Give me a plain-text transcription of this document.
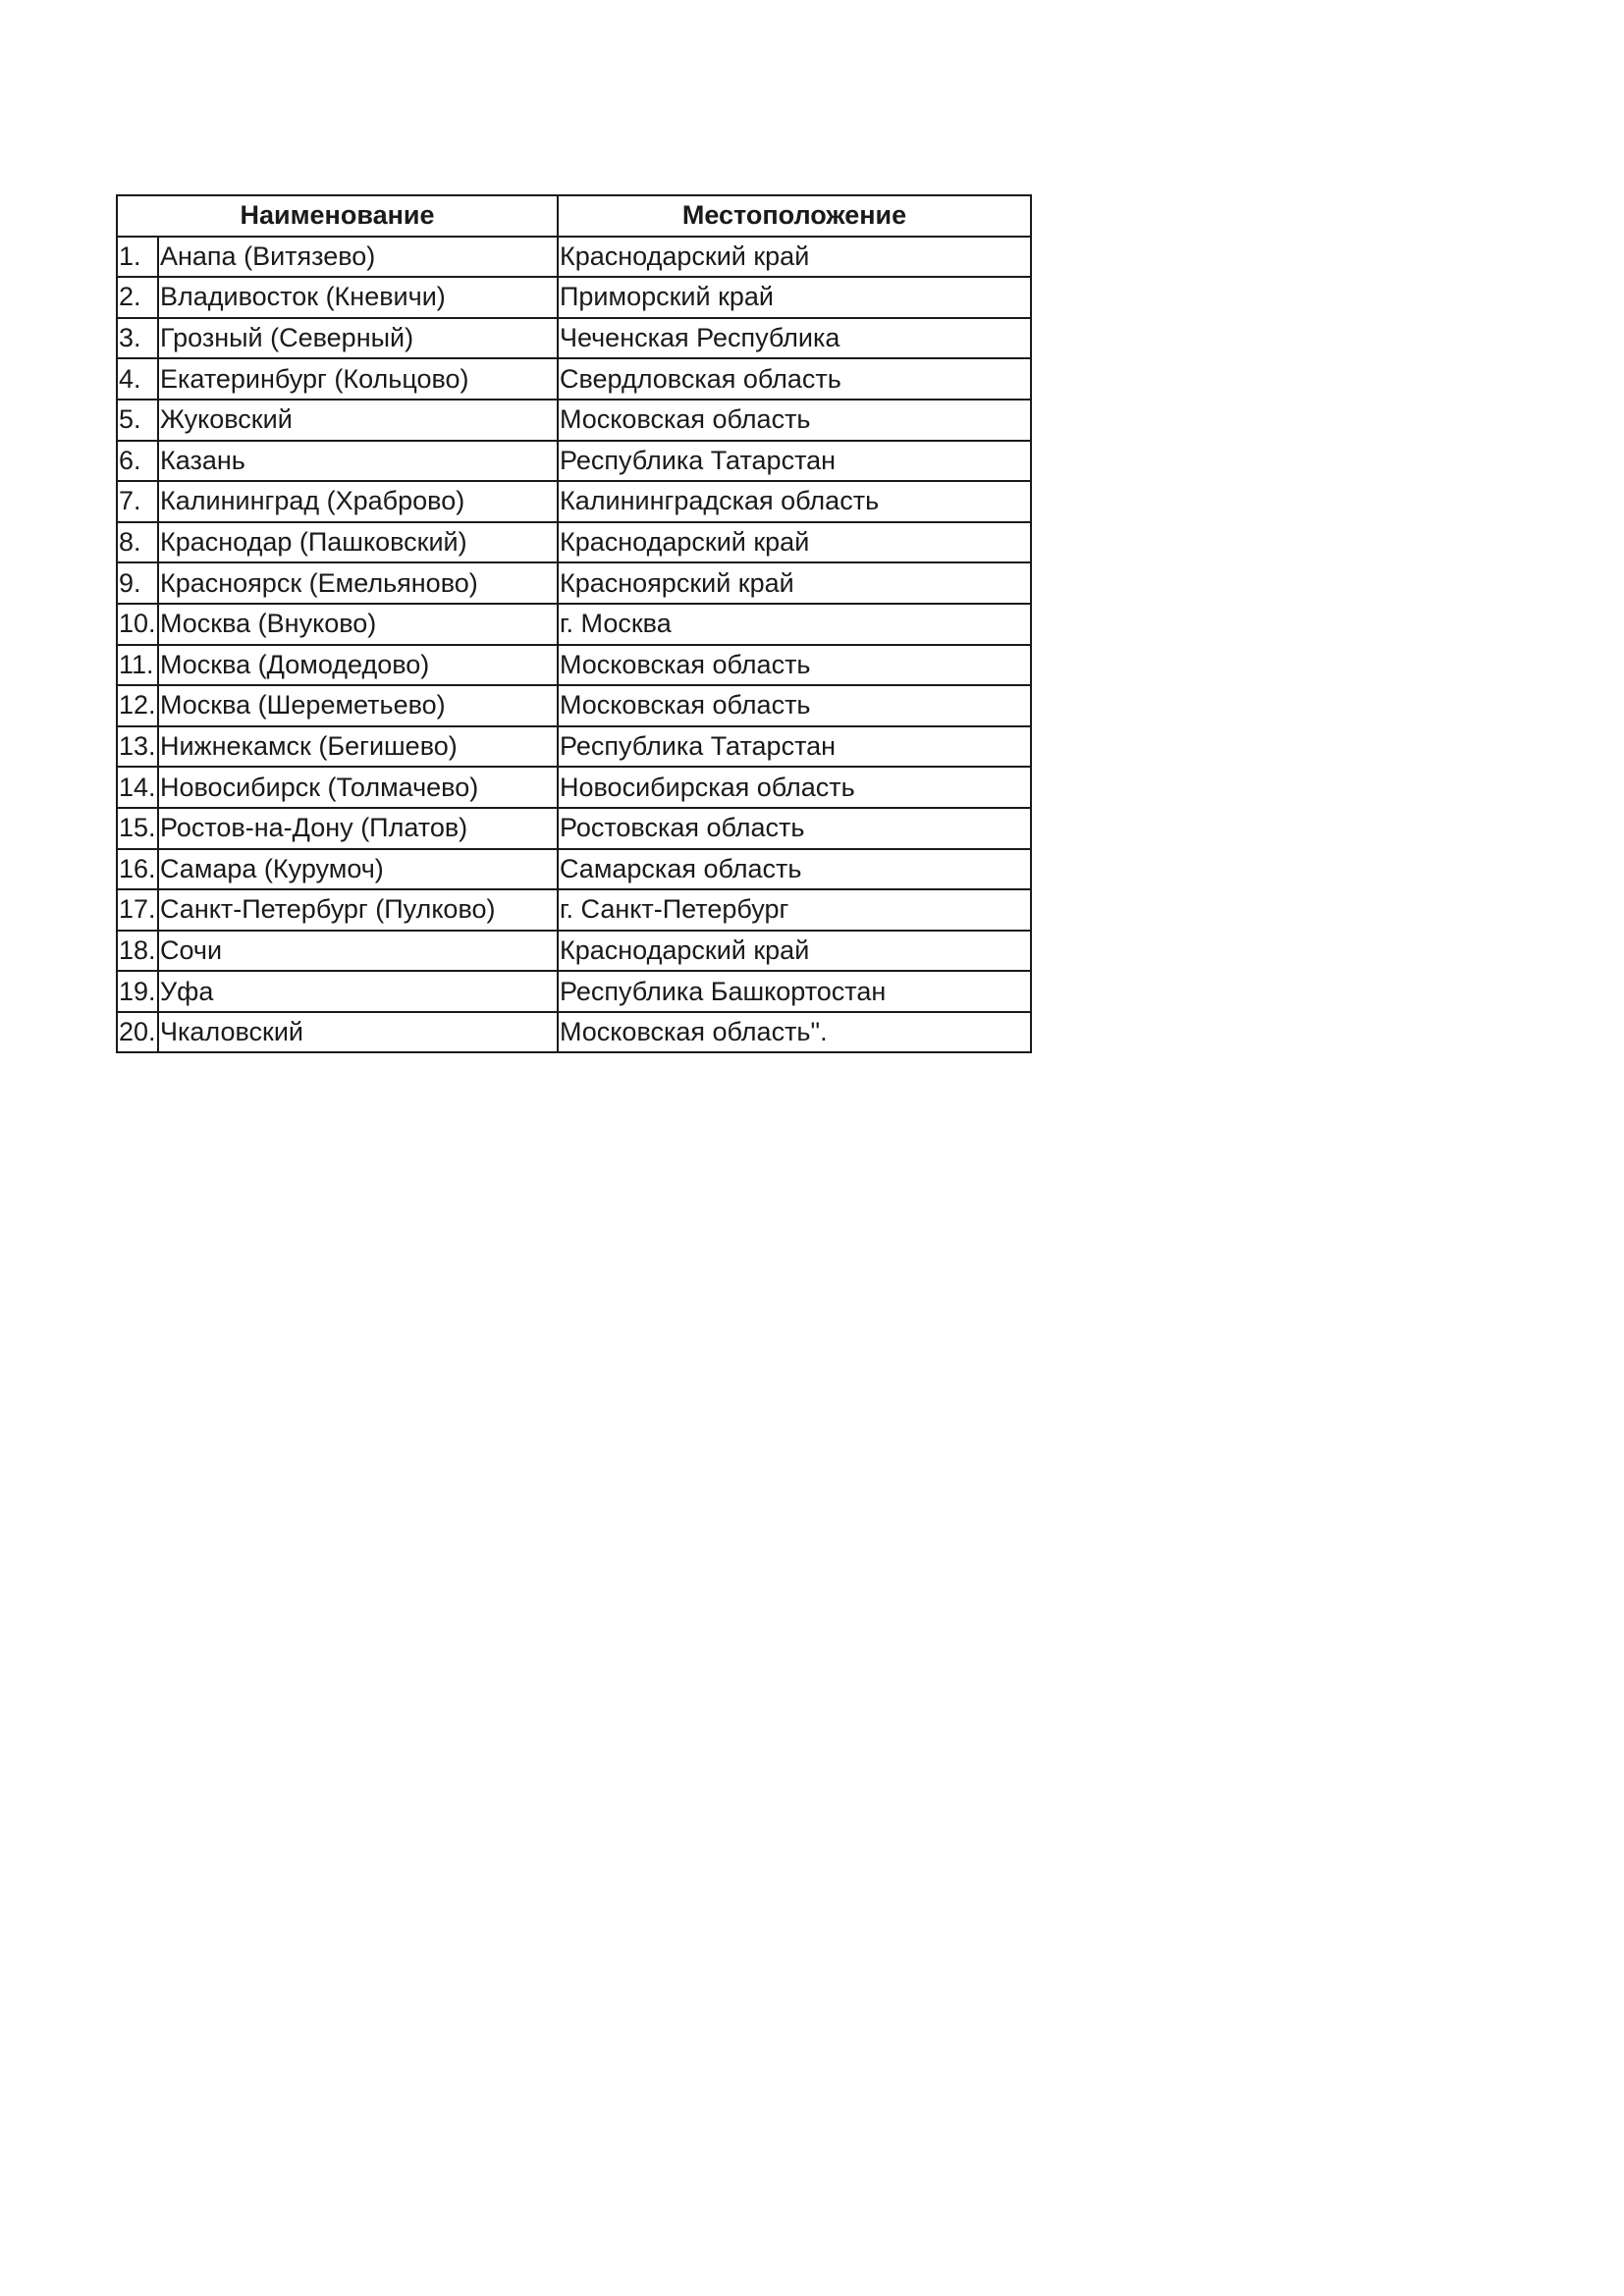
Наименование		Местоположение
1.	Анапа (Витязево)	Краснодарский край
2.	Владивосток (Кневичи)	Приморский край
3.	Грозный (Северный)	Чеченская Республика
4.	Екатеринбург (Кольцово)	Свердловская область
5.	Жуковский	Московская область
6.	Казань	Республика Татарстан
7.	Калининград (Храброво)	Калининградская область
8.	Краснодар (Пашковский)	Краснодарский край
9.	Красноярск (Емельяново)	Красноярский край
10.	Москва (Внуково)	г. Москва
11.	Москва (Домодедово)	Московская область
12.	Москва (Шереметьево)	Московская область
13.	Нижнекамск (Бегишево)	Республика Татарстан
14.	Новосибирск (Толмачево)	Новосибирская область
15.	Ростов-на-Дону (Платов)	Ростовская область
16.	Самара (Курумоч)	Самарская область
17.	Санкт-Петербург (Пулково)	г. Санкт-Петербург
18.	Сочи	Краснодарский край
19.	Уфа	Республика Башкортостан
20.	Чкаловский	Московская область".
